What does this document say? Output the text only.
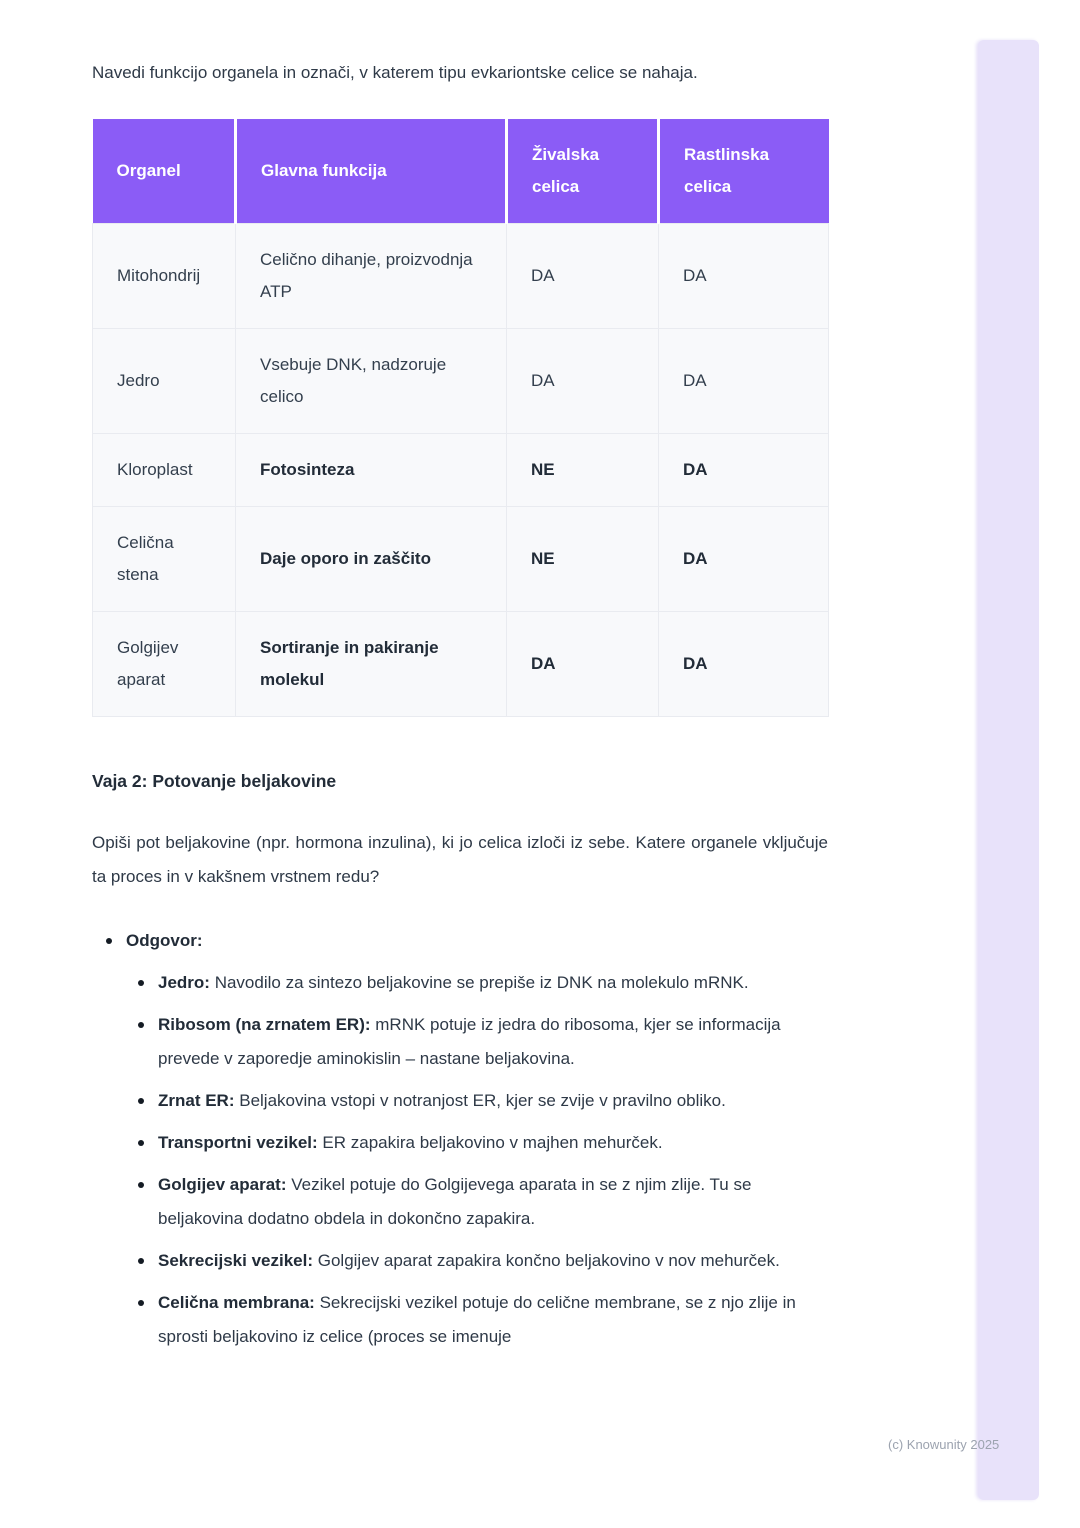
Navedi funkcijo organela in označi, v katerem tipu evkariontske celice se nahaja.

Organel	Glavna funkcija	Živalska celica	Rastlinska celica
Mitohondrij	Celično dihanje, proizvodnja ATP	DA	DA
Jedro	Vsebuje DNK, nadzoruje celico	DA	DA
Kloroplast	Fotosinteza	NE	DA
Celična stena	Daje oporo in zaščito	NE	DA
Golgijev aparat	Sortiranje in pakiranje molekul	DA	DA
Vaja 2: Potovanje beljakovine

Opiši pot beljakovine (npr. hormona inzulina), ki jo celica izloči iz sebe. Katere organele vključuje ta proces in v kakšnem vrstnem redu?

Odgovor:
Jedro: Navodilo za sintezo beljakovine se prepiše iz DNK na molekulo mRNK.
Ribosom (na zrnatem ER): mRNK potuje iz jedra do ribosoma, kjer se informacija prevede v zaporedje aminokislin – nastane beljakovina.
Zrnat ER: Beljakovina vstopi v notranjost ER, kjer se zvije v pravilno obliko.
Transportni vezikel: ER zapakira beljakovino v majhen mehurček.
Golgijev aparat: Vezikel potuje do Golgijevega aparata in se z njim zlije. Tu se beljakovina dodatno obdela in dokončno zapakira.
Sekrecijski vezikel: Golgijev aparat zapakira končno beljakovino v nov mehurček.
Celična membrana: Sekrecijski vezikel potuje do celične membrane, se z njo zlije in sprosti beljakovino iz celice (proces se imenuje
(c) Knowunity 2025
